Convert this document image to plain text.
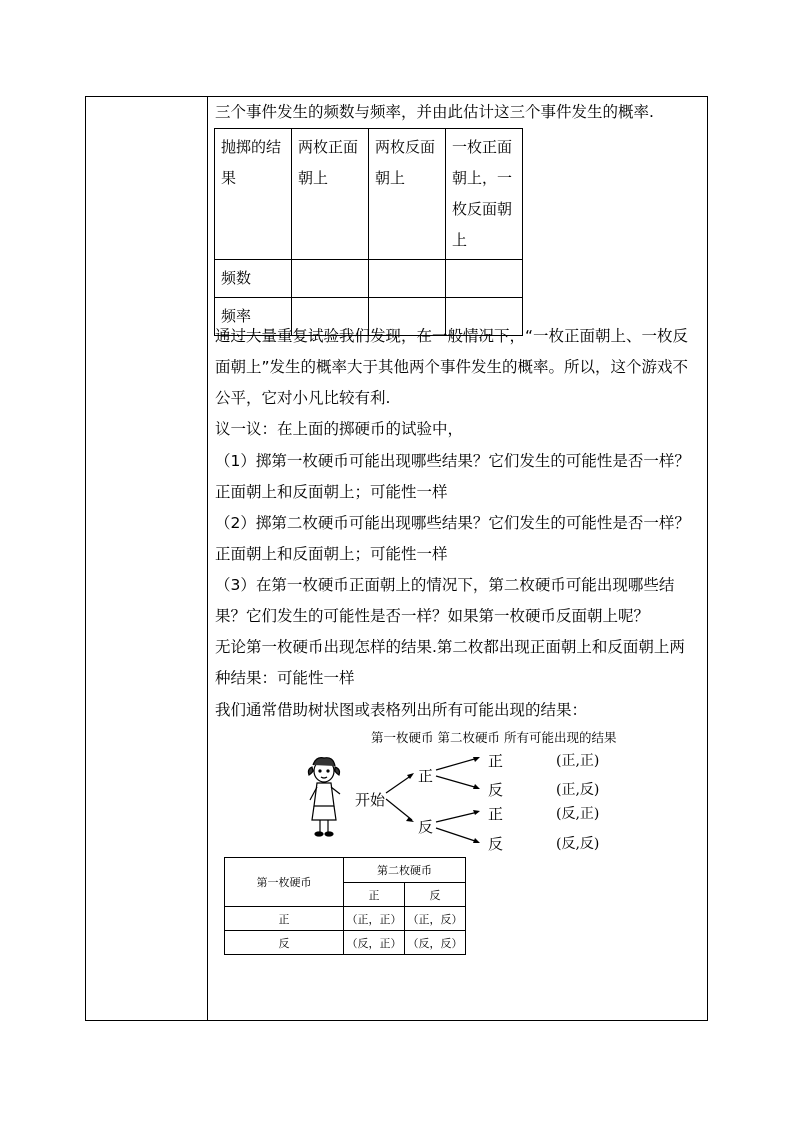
三个事件发生的频数与频率，并由此估计这三个事件发生的概率.
抛掷的结果	两枚正面朝上	两枚反面朝上	一枚正面朝上，一枚反面朝上

频数			
频率			
通过大量重复试验我们发现，在一般情况下，“一枚正面朝上、一枚反
面朝上”发生的概率大于其他两个事件发生的概率。所以，这个游戏不
公平，它对小凡比较有利.
议一议：在上面的掷硬币的试验中，
（1）掷第一枚硬币可能出现哪些结果？它们发生的可能性是否一样？
正面朝上和反面朝上；可能性一样
（2）掷第二枚硬币可能出现哪些结果？它们发生的可能性是否一样？
正面朝上和反面朝上；可能性一样
（3）在第一枚硬币正面朝上的情况下，第二枚硬币可能出现哪些结
果？它们发生的可能性是否一样？如果第一枚硬币反面朝上呢？
无论第一枚硬币出现怎样的结果.第二枚都出现正面朝上和反面朝上两
种结果：可能性一样
我们通常借助树状图或表格列出所有可能出现的结果：
第一枚硬币 第二枚硬币 所有可能出现的结果
开始
正
反
正
反
正
反
(正,正)
(正,反)
(反,正)
(反,反)
第一枚硬币	第二枚硬币	
	正	反
正	（正，正）	（正，反）
反	（反，正）	（反，反）
